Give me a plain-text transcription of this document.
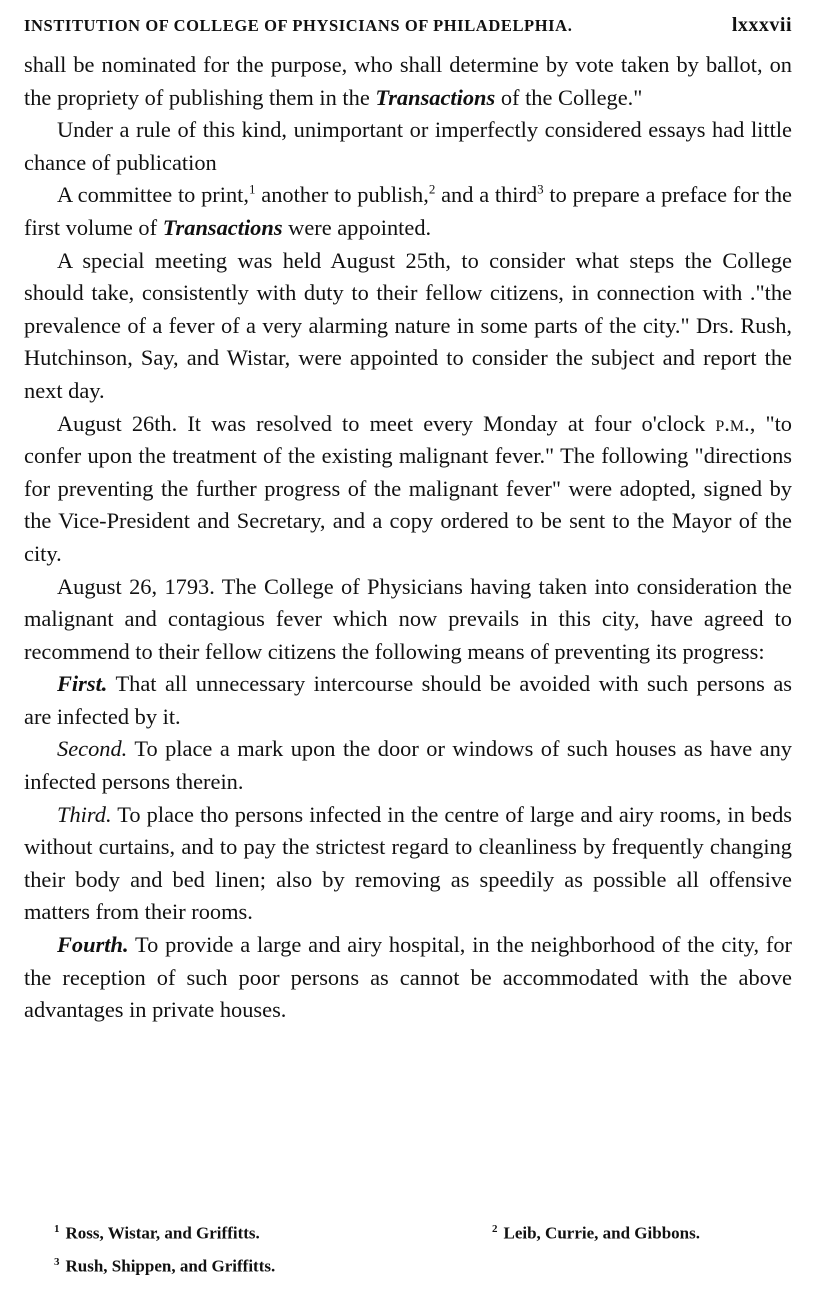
INSTITUTION OF COLLEGE OF PHYSICIANS OF PHILADELPHIA.	lxxxvii

shall be nominated for the purpose, who shall determine by vote taken by ballot, on the propriety of publishing them in the Transactions of the College."

Under a rule of this kind, unimportant or imperfectly considered essays had little chance of publication

A committee to print,$^1$ another to publish,$^2$ and a third$^3$ to prepare a preface for the first volume of Transactions were appointed.

A special meeting was held August 25th, to consider what steps the College should take, consistently with duty to their fellow citizens, in connection with ."the prevalence of a fever of a very alarming nature in some parts of the city." Drs. Rush, Hutchinson, Say, and Wistar, were appointed to consider the subject and report the next day.

August 26th. It was resolved to meet every Monday at four o'clock p.m., "to confer upon the treatment of the existing malignant fever." The following "directions for preventing the further progress of the malignant fever" were adopted, signed by the Vice-President and Secretary, and a copy ordered to be sent to the Mayor of the city.

August 26, 1793. The College of Physicians having taken into consideration the malignant and contagious fever which now prevails in this city, have agreed to recommend to their fellow citizens the following means of preventing its progress:

First. That all unnecessary intercourse should be avoided with such persons as are infected by it.

Second. To place a mark upon the door or windows of such houses as have any infected persons therein.

Third. To place tho persons infected in the centre of large and airy rooms, in beds without curtains, and to pay the strictest regard to cleanliness by frequently changing their body and bed linen; also by removing as speedily as possible all offensive matters from their rooms.

Fourth. To provide a large and airy hospital, in the neighborhood of the city, for the reception of such poor persons as cannot be accommodated with the above advantages in private houses.

$^1$ Ross, Wistar, and Griffitts.	$^2$ Leib, Currie, and Gibbons.
$^3$ Rush, Shippen, and Griffitts.
